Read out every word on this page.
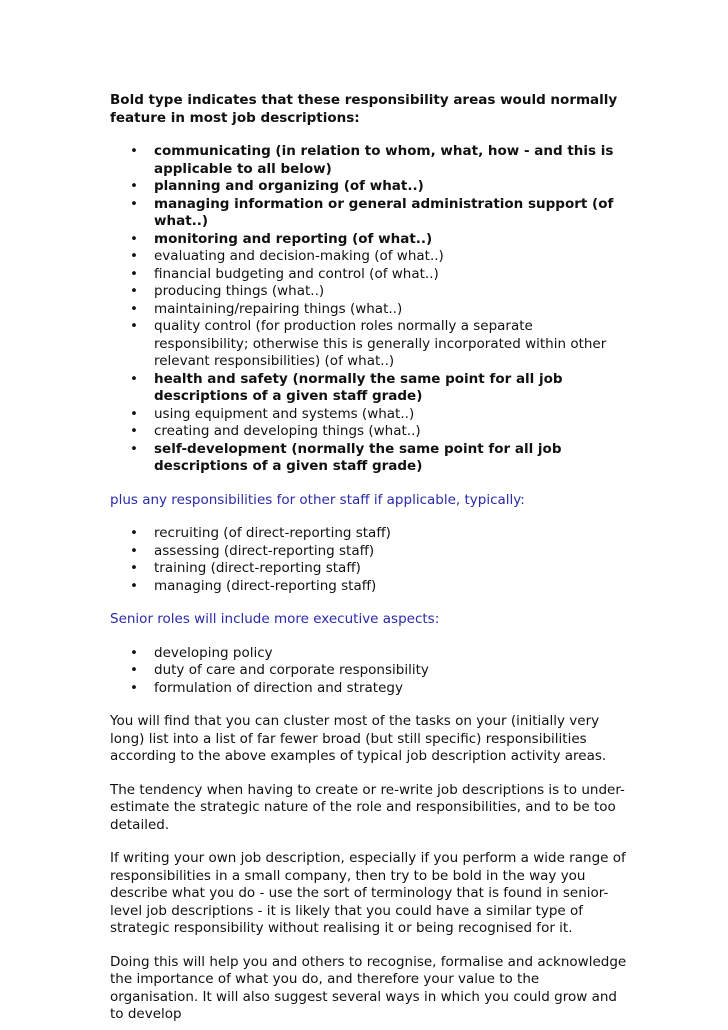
Bold type indicates that these responsibility areas would normally feature in most job descriptions:

• communicating (in relation to whom, what, how - and this is applicable to all below)
• planning and organizing (of what..)
• managing information or general administration support (of what..)
• monitoring and reporting (of what..)
• evaluating and decision-making (of what..)
• financial budgeting and control (of what..)
• producing things (what..)
• maintaining/repairing things (what..)
• quality control (for production roles normally a separate responsibility; otherwise this is generally incorporated within other relevant responsibilities) (of what..)
• health and safety (normally the same point for all job descriptions of a given staff grade)
• using equipment and systems (what..)
• creating and developing things (what..)
• self-development (normally the same point for all job descriptions of a given staff grade)

plus any responsibilities for other staff if applicable, typically:

• recruiting (of direct-reporting staff)
• assessing (direct-reporting staff)
• training (direct-reporting staff)
• managing (direct-reporting staff)

Senior roles will include more executive aspects:

• developing policy
• duty of care and corporate responsibility
• formulation of direction and strategy

You will find that you can cluster most of the tasks on your (initially very long) list into a list of far fewer broad (but still specific) responsibilities according to the above examples of typical job description activity areas.

The tendency when having to create or re-write job descriptions is to under-estimate the strategic nature of the role and responsibilities, and to be too detailed.

If writing your own job description, especially if you perform a wide range of responsibilities in a small company, then try to be bold in the way you describe what you do - use the sort of terminology that is found in senior-level job descriptions - it is likely that you could have a similar type of strategic responsibility without realising it or being recognised for it.

Doing this will help you and others to recognise, formalise and acknowledge the importance of what you do, and therefore your value to the organisation. It will also suggest several ways in which you could grow and to develop
